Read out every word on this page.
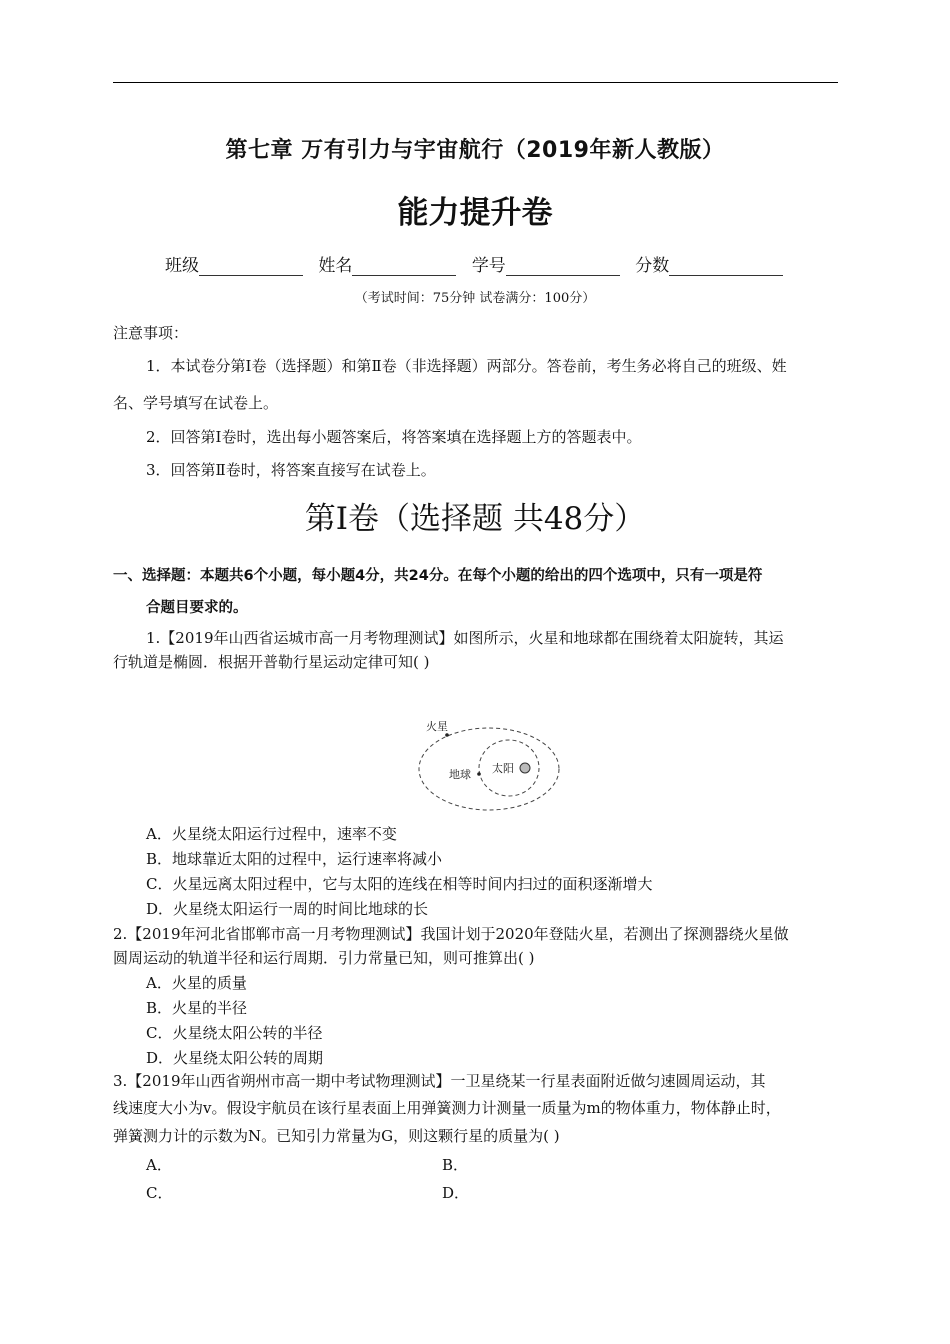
第七章 万有引力与宇宙航行（2019年新人教版）
能力提升卷
班级	姓名	学号	分数
（考试时间：75分钟 试卷满分：100分）
注意事项：
1．本试卷分第Ⅰ卷（选择题）和第Ⅱ卷（非选择题）两部分。答卷前，考生务必将自己的班级、姓
名、学号填写在试卷上。
2．回答第Ⅰ卷时，选出每小题答案后，将答案填在选择题上方的答题表中。
3．回答第Ⅱ卷时，将答案直接写在试卷上。
第Ⅰ卷（选择题 共48分）
一、选择题：本题共6个小题，每小题4分，共24分。在每个小题的给出的四个选项中，只有一项是符
合题目要求的。
1.【2019年山西省运城市高一月考物理测试】如图所示，火星和地球都在围绕着太阳旋转，其运
行轨道是椭圆．根据开普勒行星运动定律可知( )
火星
地球 太阳
A．火星绕太阳运行过程中，速率不变
B．地球靠近太阳的过程中，运行速率将减小
C．火星远离太阳过程中，它与太阳的连线在相等时间内扫过的面积逐渐增大
D．火星绕太阳运行一周的时间比地球的长
2.【2019年河北省邯郸市高一月考物理测试】我国计划于2020年登陆火星，若测出了探测器绕火星做
圆周运动的轨道半径和运行周期．引力常量已知，则可推算出( )
A．火星的质量
B．火星的半径
C．火星绕太阳公转的半径
D．火星绕太阳公转的周期
3.【2019年山西省朔州市高一期中考试物理测试】一卫星绕某一行星表面附近做匀速圆周运动，其
线速度大小为v。假设宇航员在该行星表面上用弹簧测力计测量一质量为m的物体重力，物体静止时，
弹簧测力计的示数为N。已知引力常量为G，则这颗行星的质量为( )
A．	B．
C．	D．
